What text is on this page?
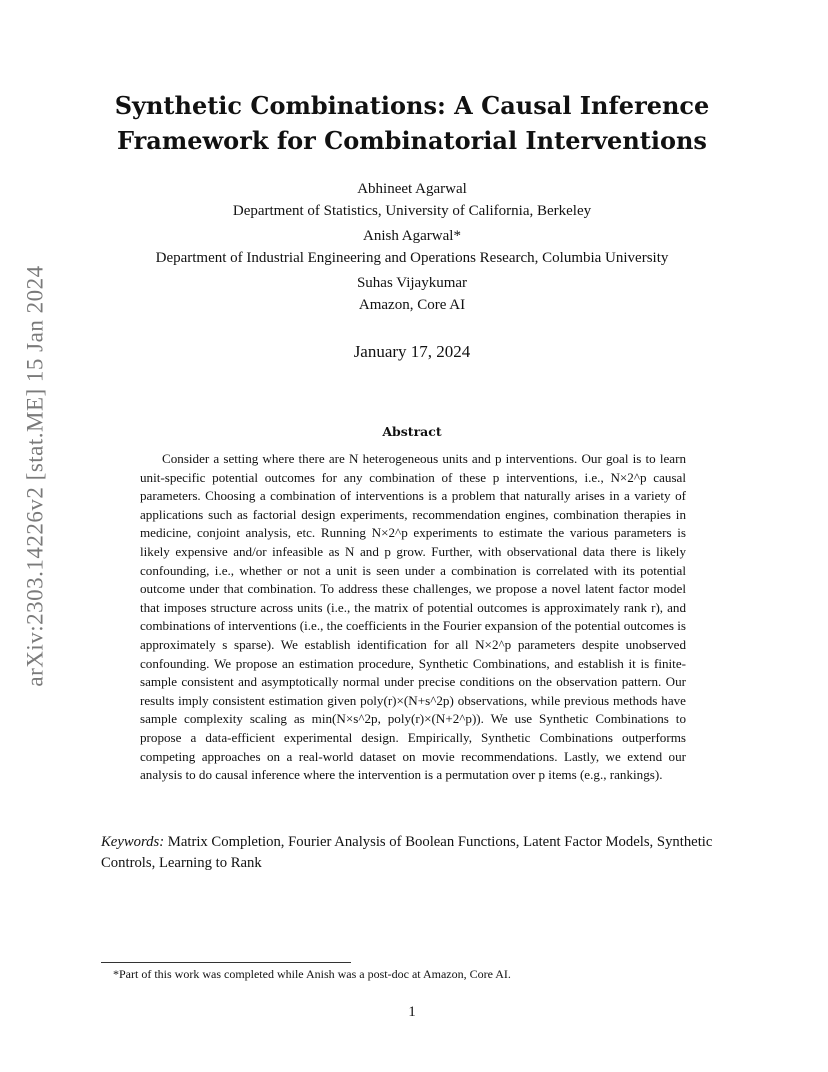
arXiv:2303.14226v2 [stat.ME] 15 Jan 2024
Synthetic Combinations: A Causal Inference
Framework for Combinatorial Interventions
Abhineet Agarwal
Department of Statistics, University of California, Berkeley
Anish Agarwal*
Department of Industrial Engineering and Operations Research, Columbia University
Suhas Vijaykumar
Amazon, Core AI
January 17, 2024
Abstract

Consider a setting where there are N heterogeneous units and p interventions. Our goal is to learn unit-specific potential outcomes for any combination of these p interventions, i.e., N×2^p causal parameters. Choosing a combination of interventions is a problem that naturally arises in a variety of applications such as factorial design experiments, recommendation engines, combination therapies in medicine, conjoint analysis, etc. Running N×2^p experiments to estimate the various parameters is likely expensive and/or infeasible as N and p grow. Further, with observational data there is likely confounding, i.e., whether or not a unit is seen under a combination is correlated with its potential outcome under that combination. To address these challenges, we propose a novel latent factor model that imposes structure across units (i.e., the matrix of potential outcomes is approximately rank r), and combinations of interventions (i.e., the coefficients in the Fourier expansion of the potential outcomes is approximately s sparse). We establish identification for all N×2^p parameters despite unobserved confounding. We propose an estimation procedure, Synthetic Combinations, and establish it is finite-sample consistent and asymptotically normal under precise conditions on the observation pattern. Our results imply consistent estimation given poly(r)×(N+s^2p) observations, while previous methods have sample complexity scaling as min(N×s^2p, poly(r)×(N+2^p)). We use Synthetic Combinations to propose a data-efficient experimental design. Empirically, Synthetic Combinations outperforms competing approaches on a real-world dataset on movie recommendations. Lastly, we extend our analysis to do causal inference where the intervention is a permutation over p items (e.g., rankings).

Keywords: Matrix Completion, Fourier Analysis of Boolean Functions, Latent Factor Models, Synthetic Controls, Learning to Rank

*Part of this work was completed while Anish was a post-doc at Amazon, Core AI.
1
